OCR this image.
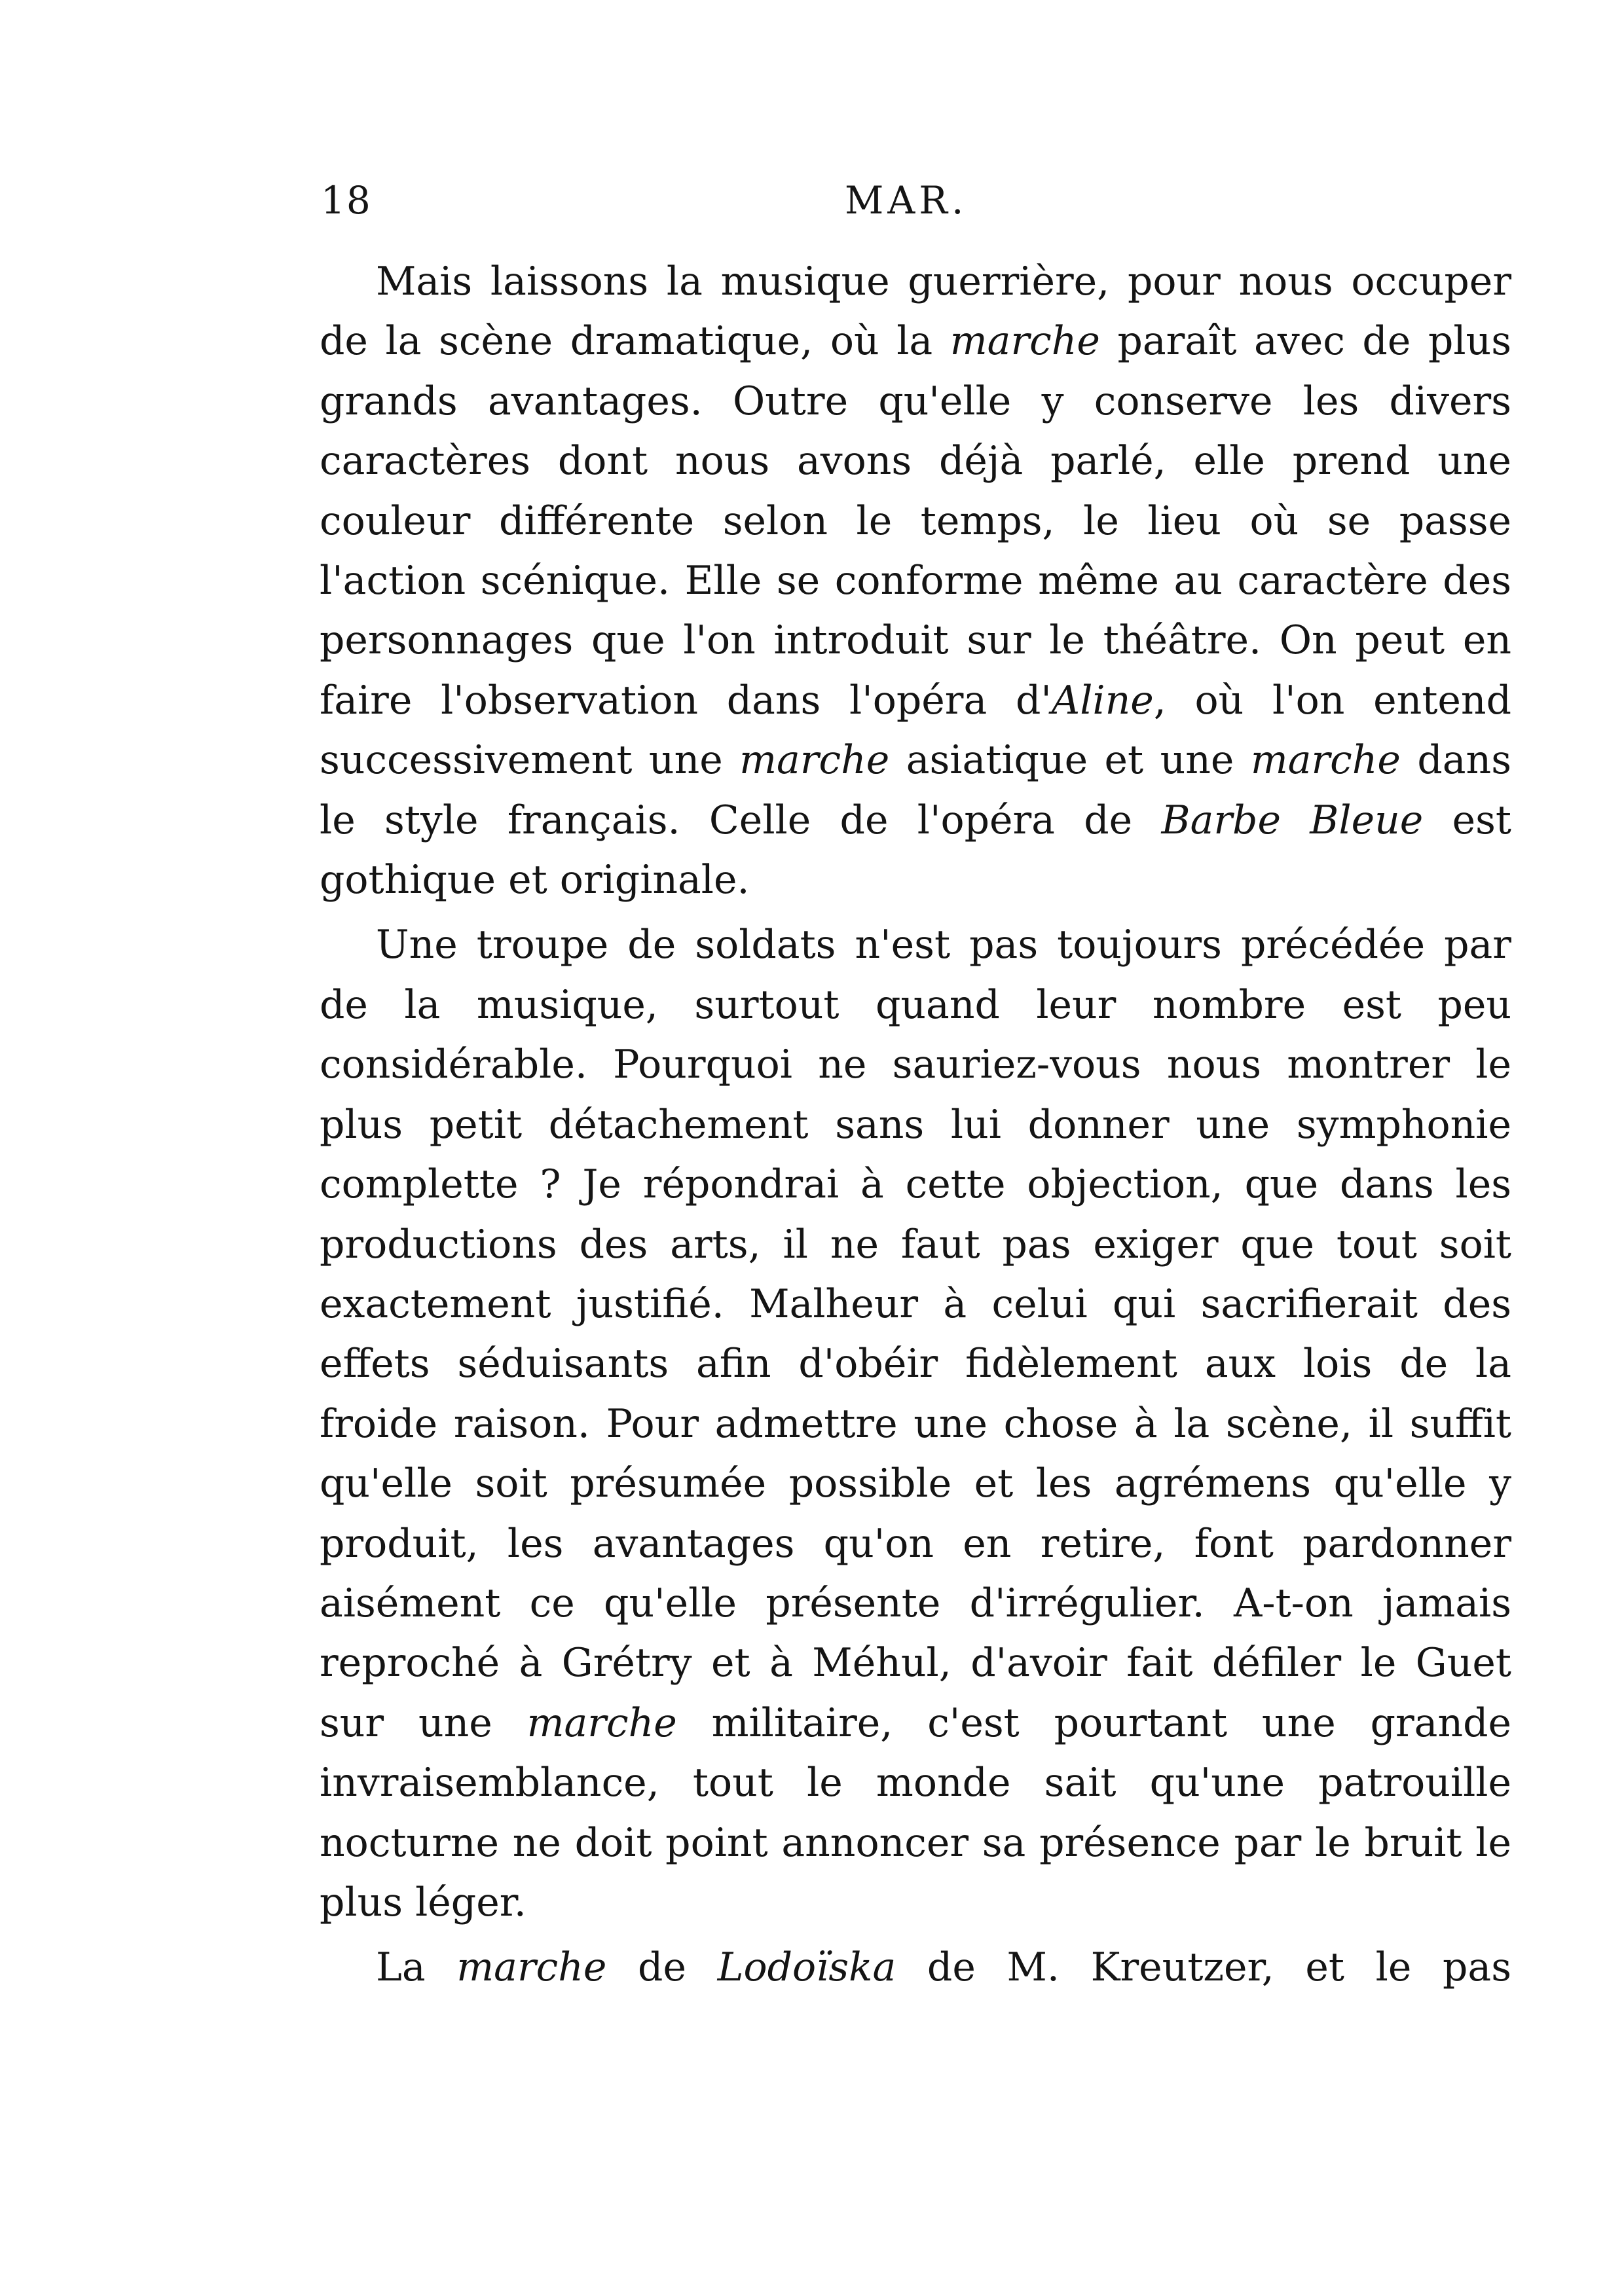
18	MAR.

Mais laissons la musique guerrière, pour nous occuper de la scène dramatique, où la marche paraît avec de plus grands avantages. Outre qu'elle y conserve les divers caractères dont nous avons déjà parlé, elle prend une couleur différente selon le temps, le lieu où se passe l'action scénique. Elle se conforme même au caractère des personnages que l'on introduit sur le théâtre. On peut en faire l'observation dans l'opéra d'Aline, où l'on entend successivement une marche asiatique et une marche dans le style français. Celle de l'opéra de Barbe Bleue est gothique et originale.

Une troupe de soldats n'est pas toujours précédée par de la musique, surtout quand leur nombre est peu considérable. Pourquoi ne sauriez-vous nous montrer le plus petit détachement sans lui donner une symphonie complette ? Je répondrai à cette objection, que dans les productions des arts, il ne faut pas exiger que tout soit exactement justifié. Malheur à celui qui sacrifierait des effets séduisants afin d'obéir fidèlement aux lois de la froide raison. Pour admettre une chose à la scène, il suffit qu'elle soit présumée possible et les agrémens qu'elle y produit, les avantages qu'on en retire, font pardonner aisément ce qu'elle présente d'irrégulier. A-t-on jamais reproché à Grétry et à Méhul, d'avoir fait défiler le Guet sur une marche militaire, c'est pourtant une grande invraisemblance, tout le monde sait qu'une patrouille nocturne ne doit point annoncer sa présence par le bruit le plus léger.

La marche de Lodoïska de M. Kreutzer, et le pas
